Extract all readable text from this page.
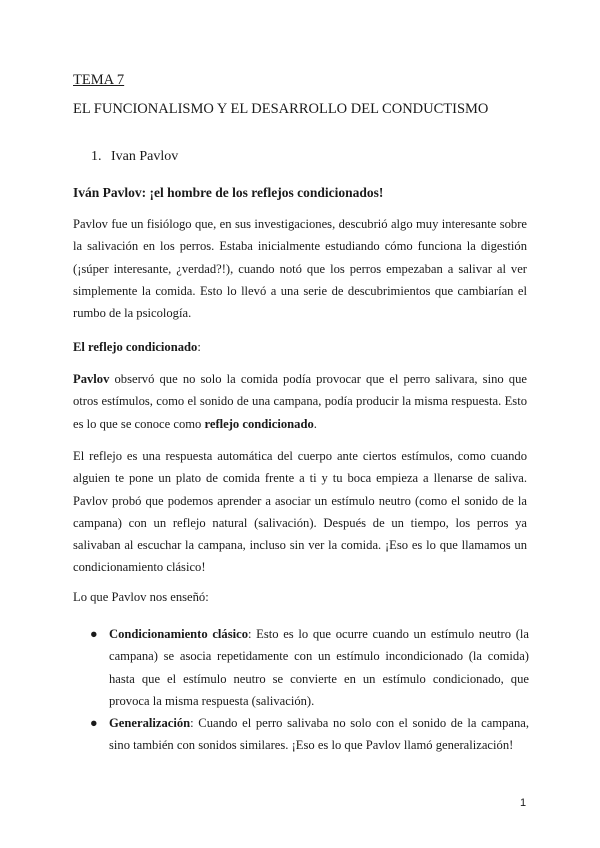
TEMA 7
EL FUNCIONALISMO Y EL DESARROLLO DEL CONDUCTISMO
1. Ivan Pavlov
Iván Pavlov: ¡el hombre de los reflejos condicionados!
Pavlov fue un fisiólogo que, en sus investigaciones, descubrió algo muy interesante sobre la salivación en los perros. Estaba inicialmente estudiando cómo funciona la digestión (¡súper interesante, ¿verdad?!), cuando notó que los perros empezaban a salivar al ver simplemente la comida. Esto lo llevó a una serie de descubrimientos que cambiarían el rumbo de la psicología.
El reflejo condicionado:
Pavlov observó que no solo la comida podía provocar que el perro salivara, sino que otros estímulos, como el sonido de una campana, podía producir la misma respuesta. Esto es lo que se conoce como reflejo condicionado.
El reflejo es una respuesta automática del cuerpo ante ciertos estímulos, como cuando alguien te pone un plato de comida frente a ti y tu boca empieza a llenarse de saliva. Pavlov probó que podemos aprender a asociar un estímulo neutro (como el sonido de la campana) con un reflejo natural (salivación). Después de un tiempo, los perros ya salivaban al escuchar la campana, incluso sin ver la comida. ¡Eso es lo que llamamos un condicionamiento clásico!
Lo que Pavlov nos enseñó:
● Condicionamiento clásico: Esto es lo que ocurre cuando un estímulo neutro (la campana) se asocia repetidamente con un estímulo incondicionado (la comida) hasta que el estímulo neutro se convierte en un estímulo condicionado, que provoca la misma respuesta (salivación).
● Generalización: Cuando el perro salivaba no solo con el sonido de la campana, sino también con sonidos similares. ¡Eso es lo que Pavlov llamó generalización!
1
